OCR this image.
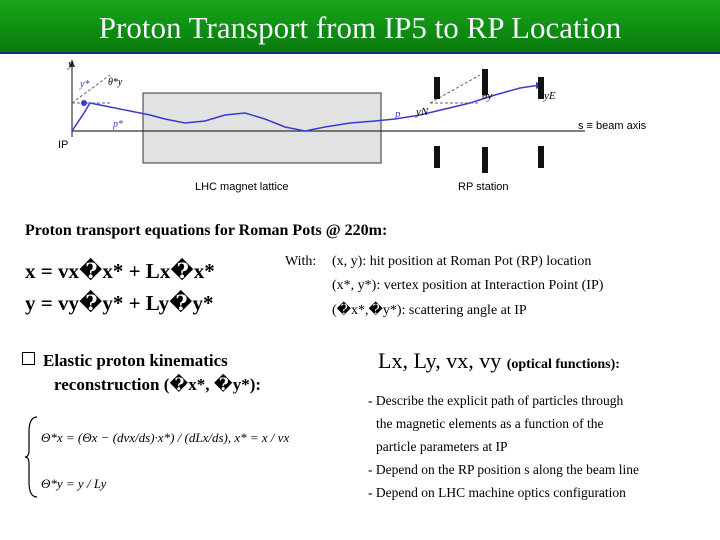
Proton Transport from IP5 to RP Location
y
θ*y
y*
p*
IP
p yN
θy	yE
s ≡ beam axis
LHC magnet lattice	RP station
Proton transport equations for Roman Pots @ 220m:
x = vx�x* + Lx�x*
y = vy�y* + Ly�y*
With: (x, y): hit position at Roman Pot (RP) location
(x*, y*): vertex position at Interaction Point (IP)
(�x*,�y*): scattering angle at IP
Elastic proton kinematics
reconstruction (�x*, �y*):
Θ*x = (Θx − (dvx/ds)·x*) / (dLx/ds), x* = x / vx
Θ*y = y / Ly
Lx, Ly, vx, vy (optical functions):
- Describe the explicit path of particles through
the magnetic elements as a function of the
particle parameters at IP
- Depend on the RP position s along the beam line
- Depend on LHC machine optics configuration
